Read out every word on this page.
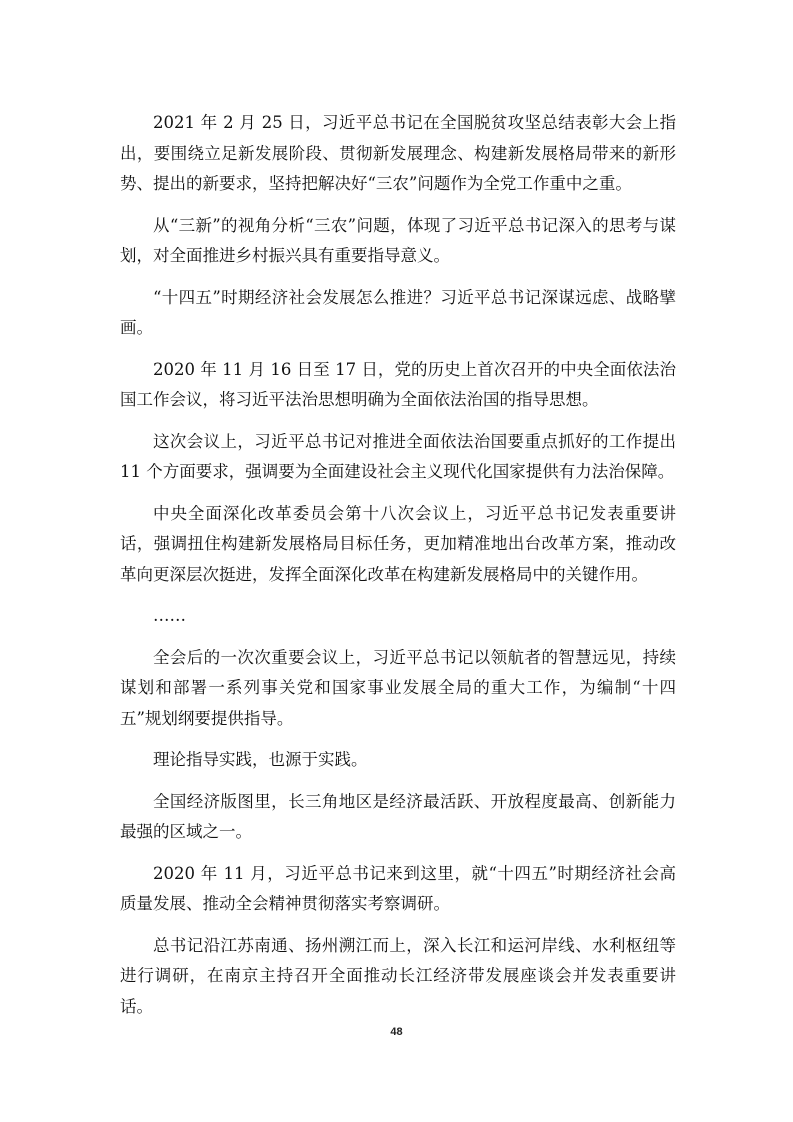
2021 年 2 月 25 日，习近平总书记在全国脱贫攻坚总结表彰大会上指出，要围绕立足新发展阶段、贯彻新发展理念、构建新发展格局带来的新形势、提出的新要求，坚持把解决好“三农”问题作为全党工作重中之重。

从“三新”的视角分析“三农”问题，体现了习近平总书记深入的思考与谋划，对全面推进乡村振兴具有重要指导意义。

“十四五”时期经济社会发展怎么推进？习近平总书记深谋远虑、战略擘画。

2020 年 11 月 16 日至 17 日，党的历史上首次召开的中央全面依法治国工作会议，将习近平法治思想明确为全面依法治国的指导思想。

这次会议上，习近平总书记对推进全面依法治国要重点抓好的工作提出 11 个方面要求，强调要为全面建设社会主义现代化国家提供有力法治保障。

中央全面深化改革委员会第十八次会议上，习近平总书记发表重要讲话，强调扭住构建新发展格局目标任务，更加精准地出台改革方案，推动改革向更深层次挺进，发挥全面深化改革在构建新发展格局中的关键作用。

……

全会后的一次次重要会议上，习近平总书记以领航者的智慧远见，持续谋划和部署一系列事关党和国家事业发展全局的重大工作，为编制“十四五”规划纲要提供指导。

理论指导实践，也源于实践。

全国经济版图里，长三角地区是经济最活跃、开放程度最高、创新能力最强的区域之一。

2020 年 11 月，习近平总书记来到这里，就“十四五”时期经济社会高质量发展、推动全会精神贯彻落实考察调研。

总书记沿江苏南通、扬州溯江而上，深入长江和运河岸线、水利枢纽等进行调研，在南京主持召开全面推动长江经济带发展座谈会并发表重要讲话。

48
